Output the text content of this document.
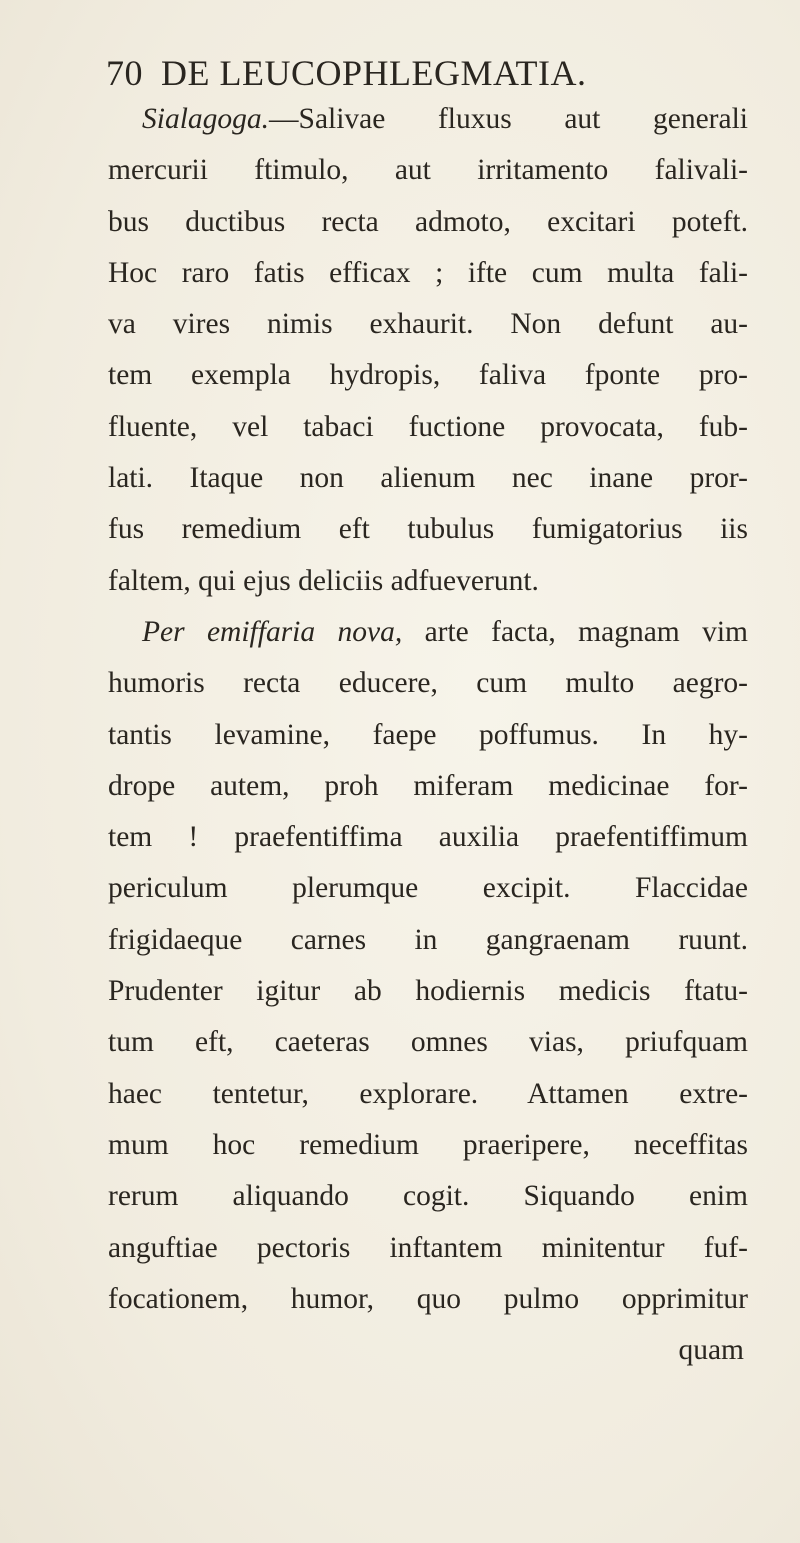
70 DE LEUCOPHLEGMATIA.
Sialagoga.—Salivae fluxus aut generali
mercurii ftimulo, aut irritamento falivali-
bus ductibus recta admoto, excitari poteft.
Hoc raro fatis efficax ; ifte cum multa fali-
va vires nimis exhaurit. Non defunt au-
tem exempla hydropis, faliva fponte pro-
fluente, vel tabaci fuctione provocata, fub-
lati. Itaque non alienum nec inane pror-
fus remedium eft tubulus fumigatorius iis
faltem, qui ejus deliciis adfueverunt.
Per emiffaria nova, arte facta, magnam vim
humoris recta educere, cum multo aegro-
tantis levamine, faepe poffumus. In hy-
drope autem, proh miferam medicinae for-
tem ! praefentiffima auxilia praefentiffimum
periculum plerumque excipit. Flaccidae
frigidaeque carnes in gangraenam ruunt.
Prudenter igitur ab hodiernis medicis ftatu-
tum eft, caeteras omnes vias, priufquam
haec tentetur, explorare. Attamen extre-
mum hoc remedium praeripere, neceffitas
rerum aliquando cogit. Siquando enim
anguftiae pectoris inftantem minitentur fuf-
focationem, humor, quo pulmo opprimitur
quam
